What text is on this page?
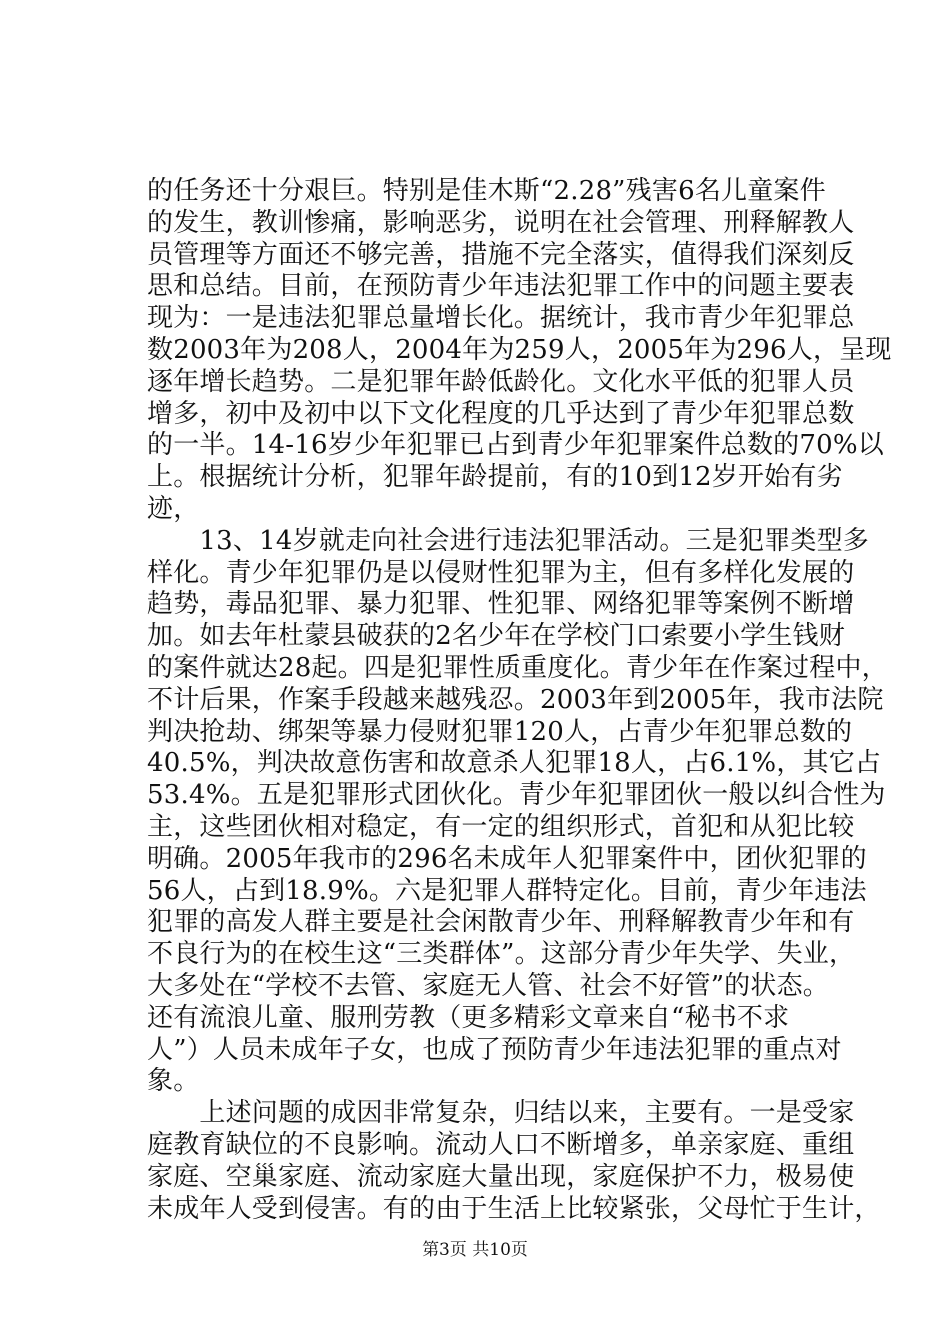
的任务还十分艰巨。特别是佳木斯“2.28”残害6名儿童案件
的发生，教训惨痛，影响恶劣，说明在社会管理、刑释解教人
员管理等方面还不够完善，措施不完全落实，值得我们深刻反
思和总结。目前，在预防青少年违法犯罪工作中的问题主要表
现为：一是违法犯罪总量增长化。据统计，我市青少年犯罪总
数2003年为208人，2004年为259人，2005年为296人，呈现
逐年增长趋势。二是犯罪年龄低龄化。文化水平低的犯罪人员
增多，初中及初中以下文化程度的几乎达到了青少年犯罪总数
的一半。14-16岁少年犯罪已占到青少年犯罪案件总数的70%以
上。根据统计分析，犯罪年龄提前，有的10到12岁开始有劣
迹，
　　13、14岁就走向社会进行违法犯罪活动。三是犯罪类型多
样化。青少年犯罪仍是以侵财性犯罪为主，但有多样化发展的
趋势，毒品犯罪、暴力犯罪、性犯罪、网络犯罪等案例不断增
加。如去年杜蒙县破获的2名少年在学校门口索要小学生钱财
的案件就达28起。四是犯罪性质重度化。青少年在作案过程中，
不计后果，作案手段越来越残忍。2003年到2005年，我市法院
判决抢劫、绑架等暴力侵财犯罪120人，占青少年犯罪总数的
40.5%，判决故意伤害和故意杀人犯罪18人，占6.1%，其它占
53.4%。五是犯罪形式团伙化。青少年犯罪团伙一般以纠合性为
主，这些团伙相对稳定，有一定的组织形式，首犯和从犯比较
明确。2005年我市的296名未成年人犯罪案件中，团伙犯罪的
56人，占到18.9%。六是犯罪人群特定化。目前，青少年违法
犯罪的高发人群主要是社会闲散青少年、刑释解教青少年和有
不良行为的在校生这“三类群体”。这部分青少年失学、失业，
大多处在“学校不去管、家庭无人管、社会不好管”的状态。
还有流浪儿童、服刑劳教（更多精彩文章来自“秘书不求
人”）人员未成年子女，也成了预防青少年违法犯罪的重点对
象。
　　上述问题的成因非常复杂，归结以来，主要有。一是受家
庭教育缺位的不良影响。流动人口不断增多，单亲家庭、重组
家庭、空巢家庭、流动家庭大量出现，家庭保护不力，极易使
未成年人受到侵害。有的由于生活上比较紧张，父母忙于生计，
第3页 共10页
